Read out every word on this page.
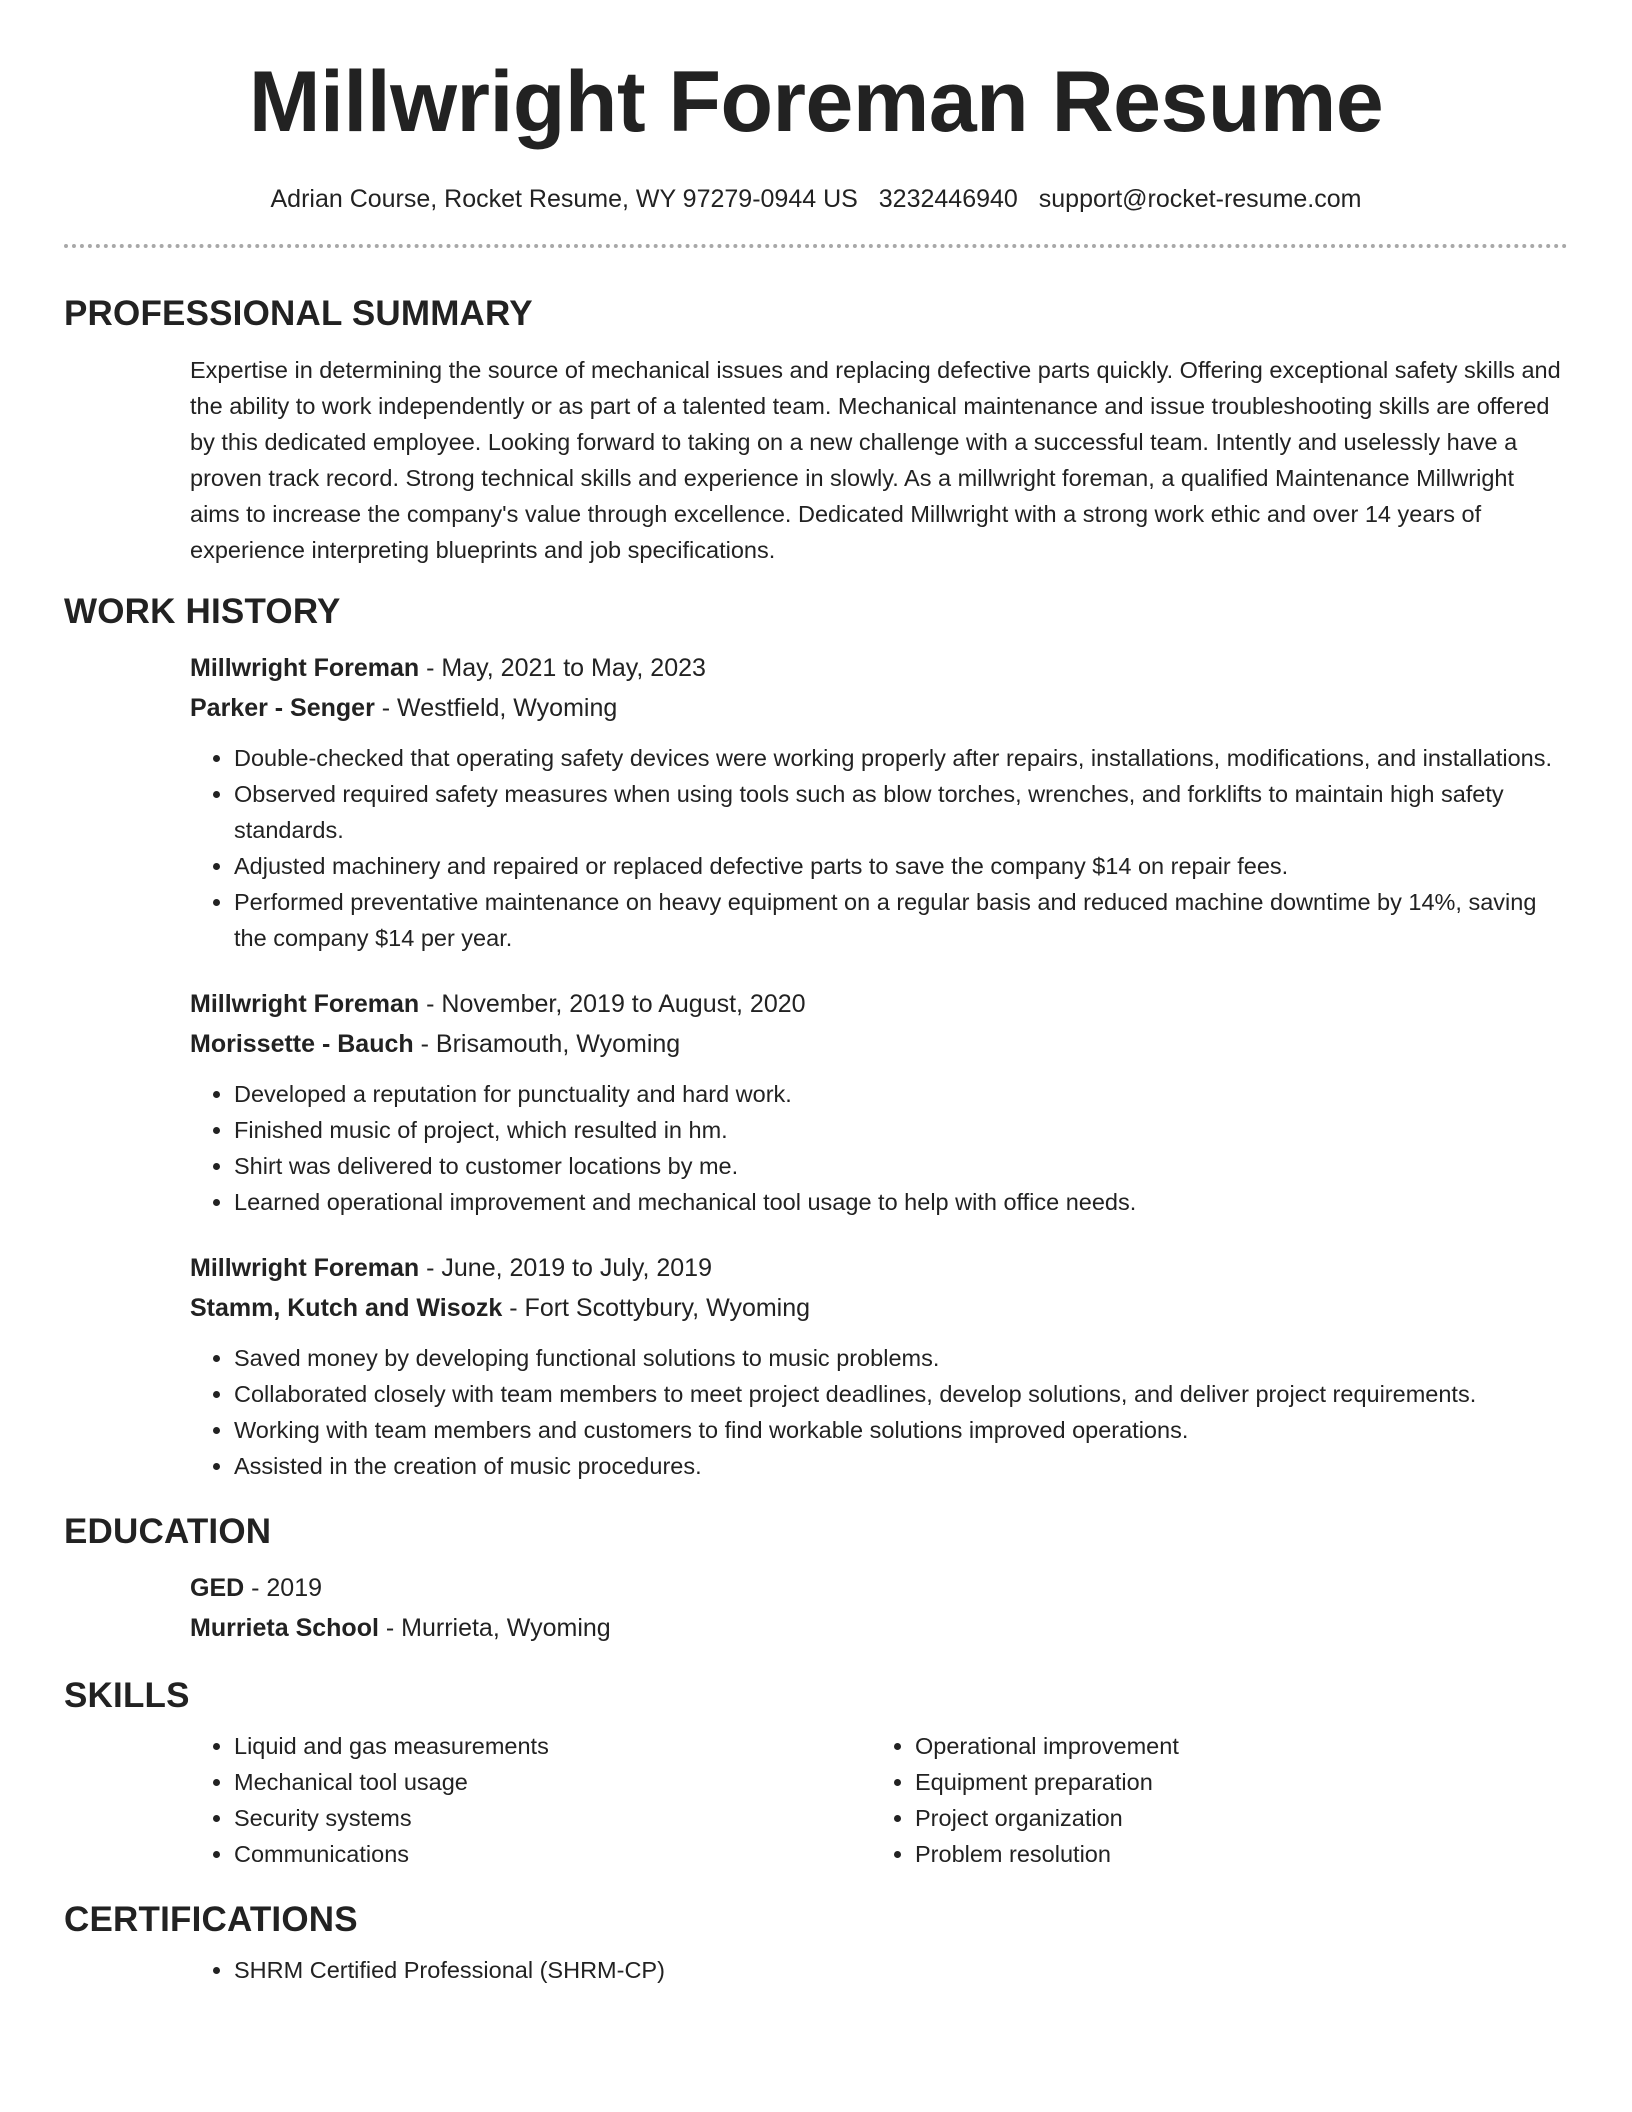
Millwright Foreman Resume
Adrian Course, Rocket Resume, WY 97279-0944 US 3232446940 support@rocket-resume.com
PROFESSIONAL SUMMARY

Expertise in determining the source of mechanical issues and replacing defective parts quickly. Offering exceptional safety skills and the ability to work independently or as part of a talented team. Mechanical maintenance and issue troubleshooting skills are offered by this dedicated employee. Looking forward to taking on a new challenge with a successful team. Intently and uselessly have a proven track record. Strong technical skills and experience in slowly. As a millwright foreman, a qualified Maintenance Millwright aims to increase the company's value through excellence. Dedicated Millwright with a strong work ethic and over 14 years of experience interpreting blueprints and job specifications.

WORK HISTORY
Millwright Foreman - May, 2021 to May, 2023
Parker - Senger - Westfield, Wyoming
• Double-checked that operating safety devices were working properly after repairs, installations, modifications, and installations.
• Observed required safety measures when using tools such as blow torches, wrenches, and forklifts to maintain high safety standards.
• Adjusted machinery and repaired or replaced defective parts to save the company $14 on repair fees.
• Performed preventative maintenance on heavy equipment on a regular basis and reduced machine downtime by 14%, saving the company $14 per year.
Millwright Foreman - November, 2019 to August, 2020
Morissette - Bauch - Brisamouth, Wyoming
• Developed a reputation for punctuality and hard work.
• Finished music of project, which resulted in hm.
• Shirt was delivered to customer locations by me.
• Learned operational improvement and mechanical tool usage to help with office needs.
Millwright Foreman - June, 2019 to July, 2019
Stamm, Kutch and Wisozk - Fort Scottybury, Wyoming
• Saved money by developing functional solutions to music problems.
• Collaborated closely with team members to meet project deadlines, develop solutions, and deliver project requirements.
• Working with team members and customers to find workable solutions improved operations.
• Assisted in the creation of music procedures.
EDUCATION
GED - 2019
Murrieta School - Murrieta, Wyoming
SKILLS
• Liquid and gas measurements
• Mechanical tool usage
• Security systems
• Communications
• Operational improvement
• Equipment preparation
• Project organization
• Problem resolution
CERTIFICATIONS
• SHRM Certified Professional (SHRM-CP)
